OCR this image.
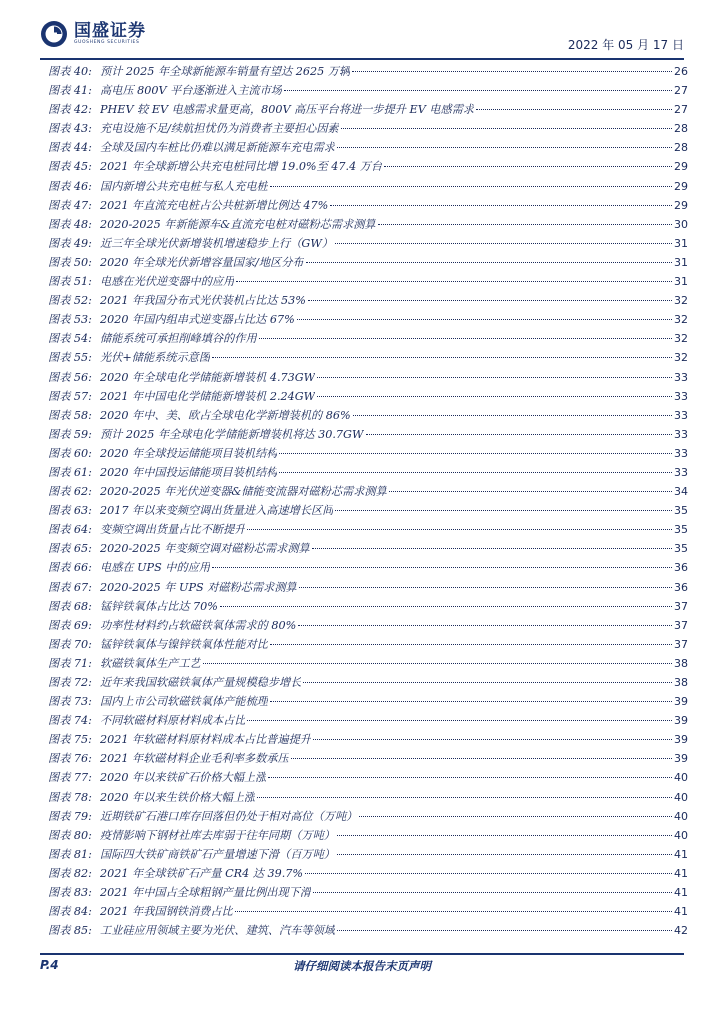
国盛证券
GUOSHENG SECURITIES	2022 年 05 月 17 日
图表 40: 预计 2025 年全球新能源车销量有望达 2625 万辆	26
图表 41: 高电压 800V 平台逐渐进入主流市场	27
图表 42: PHEV 较 EV 电感需求量更高，800V 高压平台将进一步提升 EV 电感需求	27
图表 43: 充电设施不足/续航担忧仍为消费者主要担心因素	28
图表 44: 全球及国内车桩比仍难以满足新能源车充电需求	28
图表 45: 2021 年全球新增公共充电桩同比增 19.0%至 47.4 万台	29
图表 46: 国内新增公共充电桩与私人充电桩	29
图表 47: 2021 年直流充电桩占公共桩新增比例达 47%	29
图表 48: 2020-2025 年新能源车&直流充电桩对磁粉芯需求测算	30
图表 49: 近三年全球光伏新增装机增速稳步上行（GW）	31
图表 50: 2020 年全球光伏新增容量国家/地区分布	31
图表 51: 电感在光伏逆变器中的应用	31
图表 52: 2021 年我国分布式光伏装机占比达 53%	32
图表 53: 2020 年国内组串式逆变器占比达 67%	32
图表 54: 储能系统可承担削峰填谷的作用	32
图表 55: 光伏+储能系统示意图	32
图表 56: 2020 年全球电化学储能新增装机 4.73GW	33
图表 57: 2021 年中国电化学储能新增装机 2.24GW	33
图表 58: 2020 年中、美、欧占全球电化学新增装机的 86%	33
图表 59: 预计 2025 年全球电化学储能新增装机将达 30.7GW	33
图表 60: 2020 年全球投运储能项目装机结构	33
图表 61: 2020 年中国投运储能项目装机结构	33
图表 62: 2020-2025 年光伏逆变器&储能变流器对磁粉芯需求测算	34
图表 63: 2017 年以来变频空调出货量进入高速增长区间	35
图表 64: 变频空调出货量占比不断提升	35
图表 65: 2020-2025 年变频空调对磁粉芯需求测算	35
图表 66: 电感在 UPS 中的应用	36
图表 67: 2020-2025 年 UPS 对磁粉芯需求测算	36
图表 68: 锰锌铁氧体占比达 70%	37
图表 69: 功率性材料约占软磁铁氧体需求的 80%	37
图表 70: 锰锌铁氧体与镍锌铁氧体性能对比	37
图表 71: 软磁铁氧体生产工艺	38
图表 72: 近年来我国软磁铁氧体产量规模稳步增长	38
图表 73: 国内上市公司软磁铁氧体产能梳理	39
图表 74: 不同软磁材料原材料成本占比	39
图表 75: 2021 年软磁材料原材料成本占比普遍提升	39
图表 76: 2021 年软磁材料企业毛利率多数承压	39
图表 77: 2020 年以来铁矿石价格大幅上涨	40
图表 78: 2020 年以来生铁价格大幅上涨	40
图表 79: 近期铁矿石港口库存回落但仍处于相对高位（万吨）	40
图表 80: 疫情影响下钢材社库去库弱于往年同期（万吨）	40
图表 81: 国际四大铁矿商铁矿石产量增速下滑（百万吨）	41
图表 82: 2021 年全球铁矿石产量 CR4 达 39.7%	41
图表 83: 2021 年中国占全球粗钢产量比例出现下滑	41
图表 84: 2021 年我国钢铁消费占比	41
图表 85: 工业硅应用领域主要为光伏、建筑、汽车等领域	42
P.4	请仔细阅读本报告末页声明
